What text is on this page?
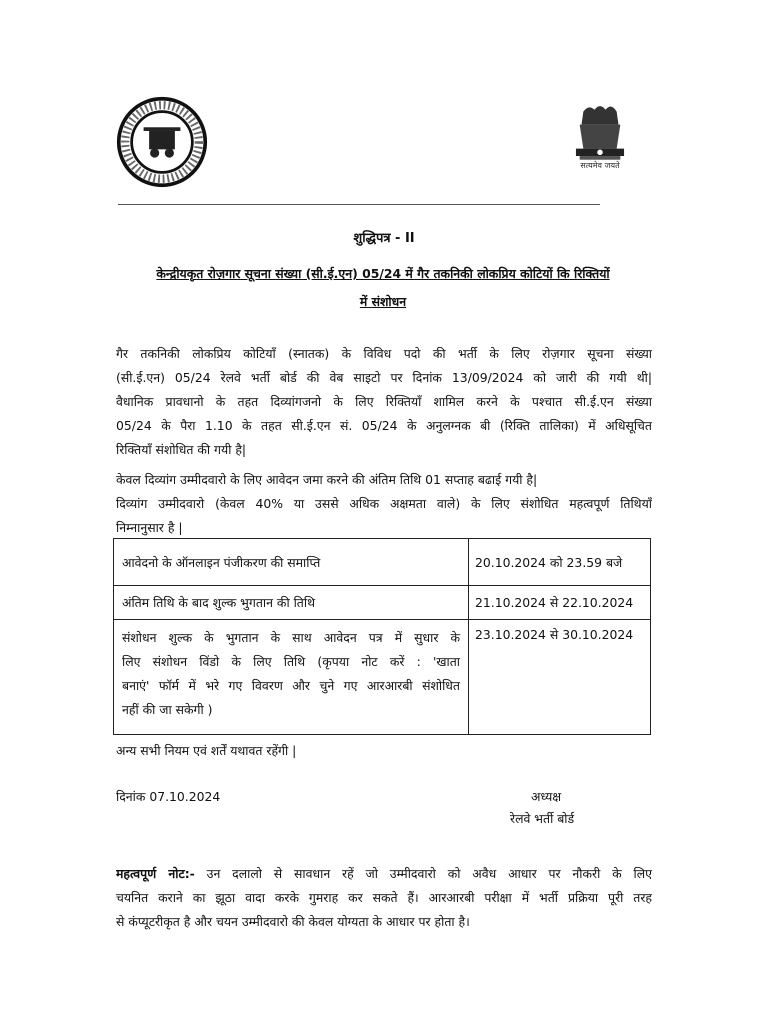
सत्यमेव जयते
शुद्धिपत्र - II
केन्द्रीयकृत रोज़गार सूचना संख्या (सी.ई.एन) 05/24 में गैर तकनिकी लोकप्रिय कोटियों कि रिक्तियों
में संशोधन
गैर तकनिकी लोकप्रिय कोटियाँ (स्नातक) के विविध पदो की भर्ती के लिए रोज़गार सूचना संख्या
(सी.ई.एन) 05/24 रेलवे भर्ती बोर्ड की वेब साइटो पर दिनांक 13/09/2024 को जारी की गयी थी|
वैधानिक प्रावधानो के तहत दिव्यांगजनो के लिए रिक्तियाँ शामिल करने के पश्चात सी.ई.एन संख्या
05/24 के पैरा 1.10 के तहत सी.ई.एन सं. 05/24 के अनुलग्नक बी (रिक्ति तालिका) में अधिसूचित
रिक्तियाँ संशोधित की गयी है|
केवल दिव्यांग उम्मीदवारो के लिए आवेदन जमा करने की अंतिम तिथि 01 सप्ताह बढाई गयी है|
दिव्यांग उम्मीदवारो (केवल 40% या उससे अधिक अक्षमता वाले) के लिए संशोधित महत्वपूर्ण तिथियाँ
निम्नानुसार है |
आवेदनो के ऑनलाइन पंजीकरण की समाप्ति	20.10.2024 को 23.59 बजे
अंतिम तिथि के बाद शुल्क भुगतान की तिथि	21.10.2024 से 22.10.2024

संशोधन शुल्क के भुगतान के साथ आवेदन पत्र में सुधार के
लिए संशोधन विंडो के लिए तिथि (कृपया नोट करें : 'खाता
बनाएं' फॉर्म में भरे गए विवरण और चुने गए आरआरबी संशोधित
नहीं की जा सकेगी )	23.10.2024 से 30.10.2024
अन्य सभी नियम एवं शर्तें यथावत रहेंगी |
दिनांक 07.10.2024	अध्यक्ष
रेलवे भर्ती बोर्ड
महत्वपूर्ण नोट:- उन दलालो से सावधान रहें जो उम्मीदवारो को अवैध आधार पर नौकरी के लिए
चयनित कराने का झूठा वादा करके गुमराह कर सकते हैं। आरआरबी परीक्षा में भर्ती प्रक्रिया पूरी तरह
से कंप्यूटरीकृत है और चयन उम्मीदवारो की केवल योग्यता के आधार पर होता है।
